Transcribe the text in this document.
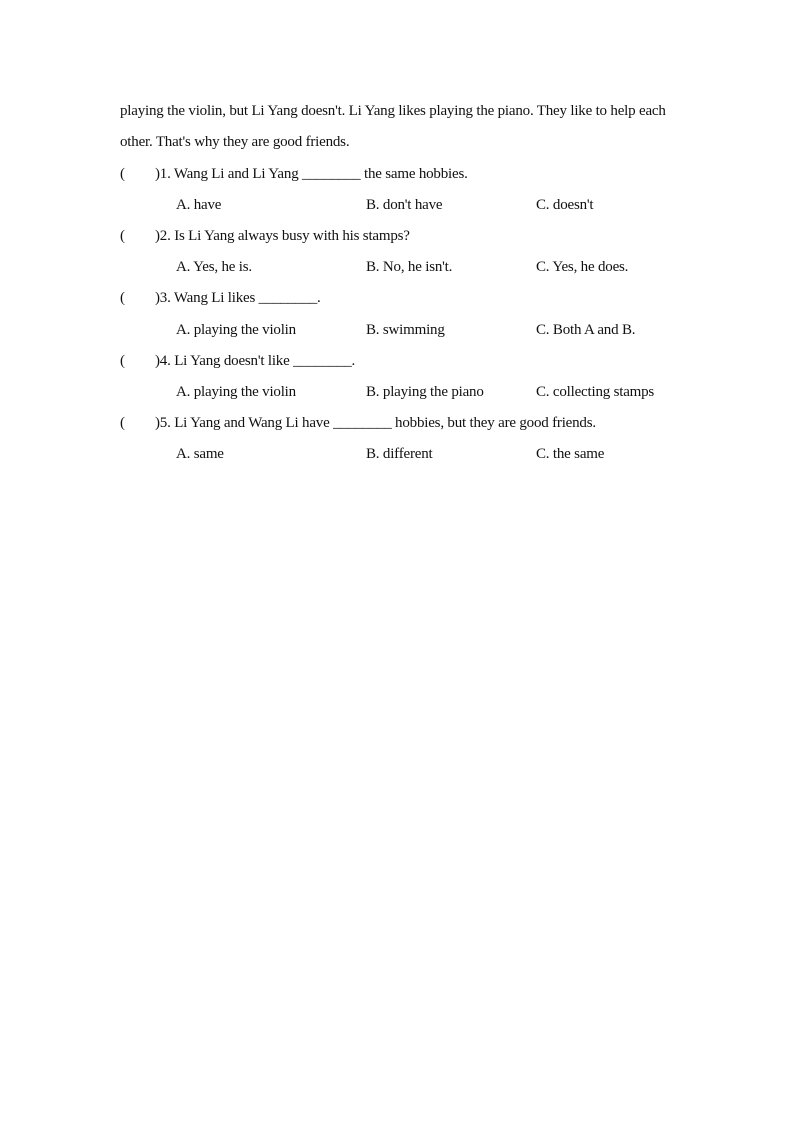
playing the violin, but Li Yang doesn't. Li Yang likes playing the piano. They like to help each
other. That's why they are good friends.
( )1. Wang Li and Li Yang ________ the same hobbies.
A. have	B. don't have	C. doesn't
( )2. Is Li Yang always busy with his stamps?
A. Yes, he is.	B. No, he isn't.	C. Yes, he does.
( )3. Wang Li likes ________.
A. playing the violin	B. swimming	C. Both A and B.
( )4. Li Yang doesn't like ________.
A. playing the violin	B. playing the piano	C. collecting stamps
( )5. Li Yang and Wang Li have ________ hobbies, but they are good friends.
A. same	B. different	C. the same
